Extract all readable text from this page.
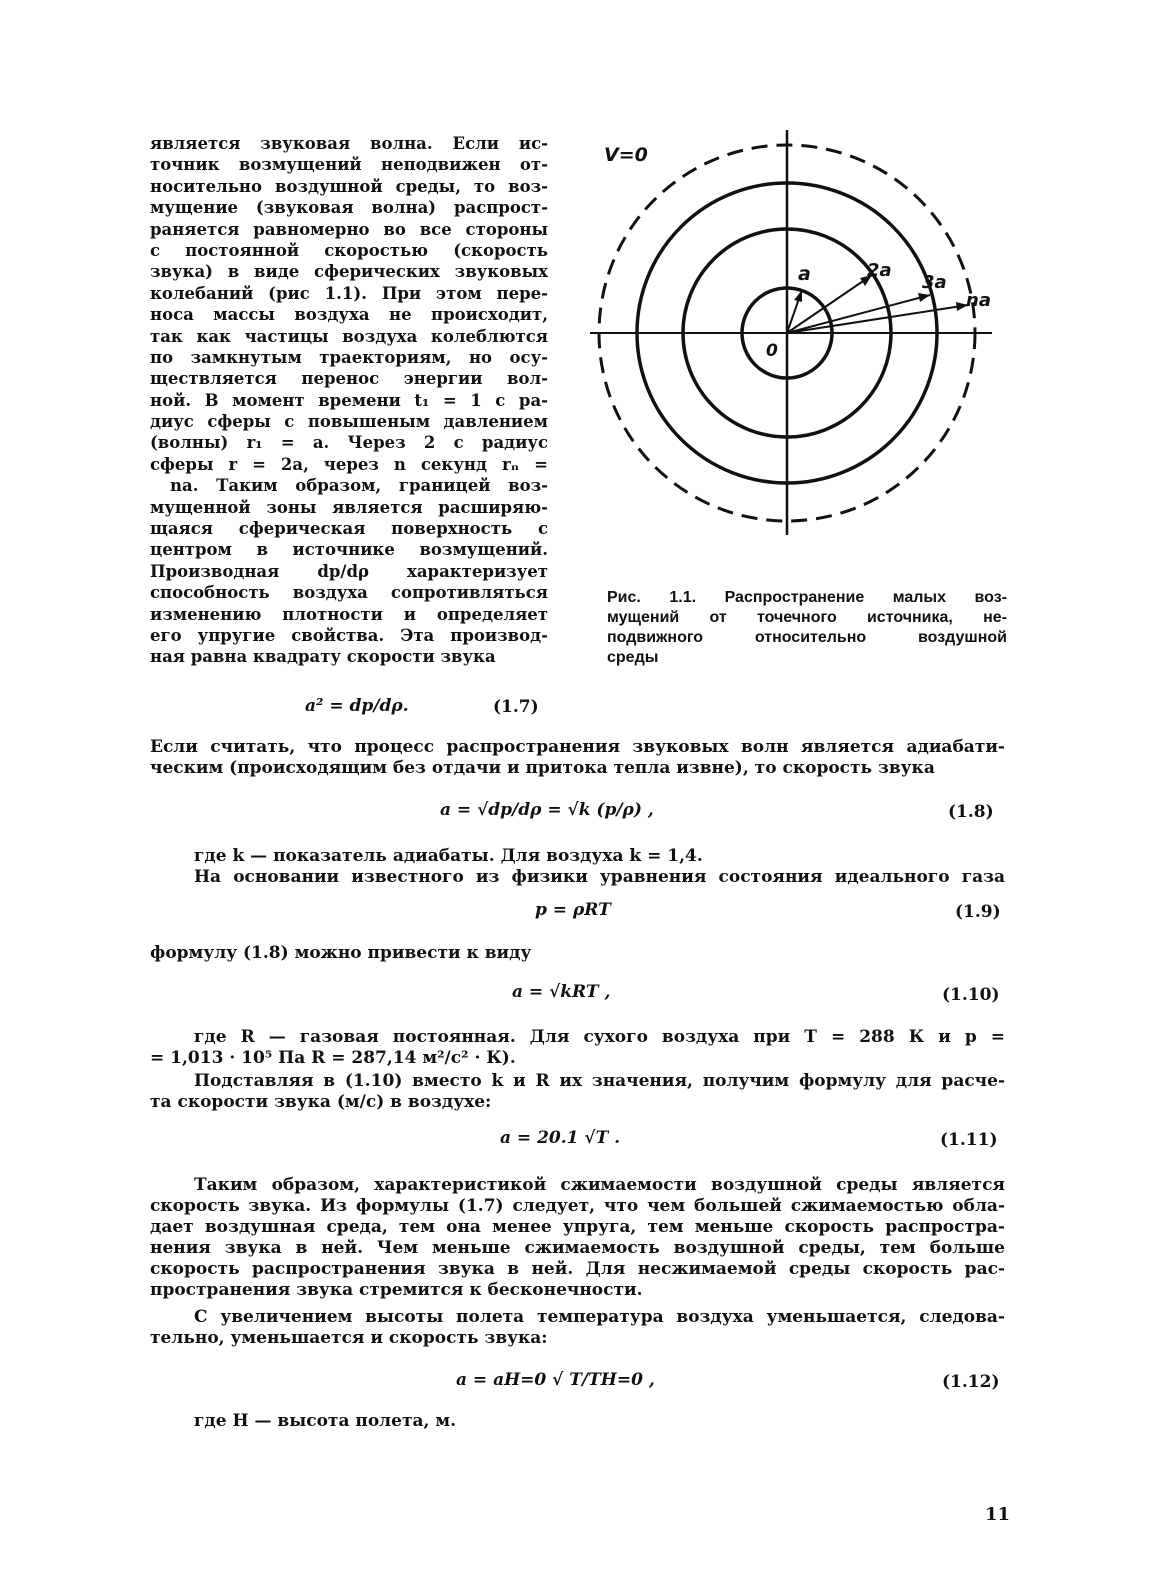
является звуковая волна. Если ис-
точник возмущений неподвижен от-
носительно воздушной среды, то воз-
мущение (звуковая волна) распрост-
раняется равномерно во все стороны
с постоянной скоростью (скорость
звука) в виде сферических звуковых
колебаний (рис 1.1). При этом пере-
носа массы воздуха не происходит,
так как частицы воздуха колеблются
по замкнутым траекториям, но осу-
ществляется перенос энергии вол-
ной. В момент времени t₁ = 1 с ра-
диус сферы с повышеным давлением
(волны) r₁ = a. Через 2 с радиус
сферы r = 2a, через n секунд rₙ =
na. Таким образом, границей воз-
мущенной зоны является расширяю-
щаяся сферическая поверхность с
центром в источнике возмущений.
Производная dp/dρ характеризует
способность воздуха сопротивляться
изменению плотности и определяет
его упругие свойства. Эта производ-
ная равна квадрату скорости звука
a² = dp/dρ.	(1.7)
V=0
0
a	2a
3a
na
Рис. 1.1. Распространение малых воз-
мущений от точечного источника, не-
подвижного относительно воздушной
среды
Если считать, что процесс распространения звуковых волн является адиабати-
ческим (происходящим без отдачи и притока тепла извне), то скорость звука
a = √dp/dρ = √k (p/ρ) ,	(1.8)
где k — показатель адиабаты. Для воздуха k = 1,4.
На основании известного из физики уравнения состояния идеального газа
p = ρRT	(1.9)
формулу (1.8) можно привести к виду
a = √kRT ,	(1.10)
где R — газовая постоянная. Для сухого воздуха при T = 288 К и p =
= 1,013 · 10⁵ Па R = 287,14 м²/с² · К).
Подставляя в (1.10) вместо k и R их значения, получим формулу для расче-
та скорости звука (м/с) в воздухе:
a = 20.1 √T .	(1.11)
Таким образом, характеристикой сжимаемости воздушной среды является
скорость звука. Из формулы (1.7) следует, что чем большей сжимаемостью обла-
дает воздушная среда, тем она менее упруга, тем меньше скорость распростра-
нения звука в ней. Чем меньше сжимаемость воздушной среды, тем больше
скорость распространения звука в ней. Для несжимаемой среды скорость рас-
пространения звука стремится к бесконечности.
С увеличением высоты полета температура воздуха уменьшается, следова-
тельно, уменьшается и скорость звука:
a = aH=0 √ T/TH=0 ,	(1.12)
где H — высота полета, м.
11
